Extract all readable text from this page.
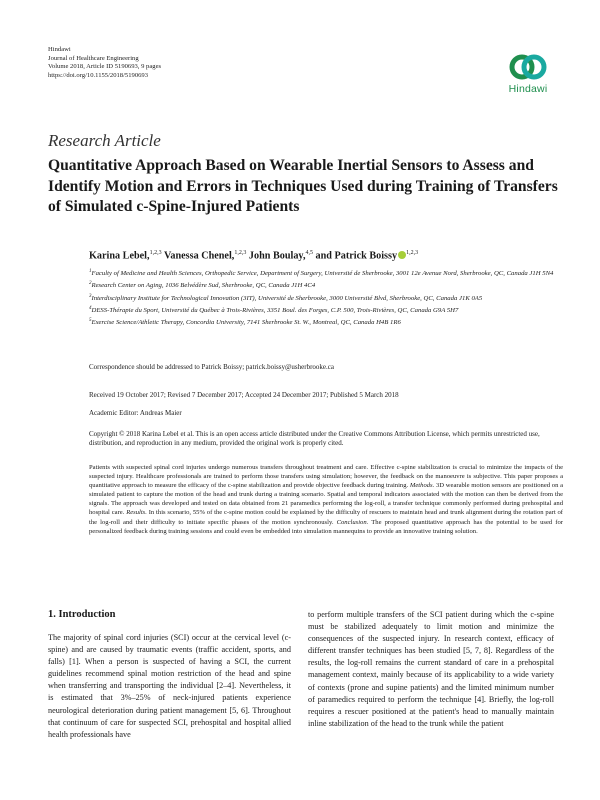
Hindawi
Journal of Healthcare Engineering
Volume 2018, Article ID 5190693, 9 pages
https://doi.org/10.1155/2018/5190693
Hindawi
Research Article
Quantitative Approach Based on Wearable Inertial Sensors to Assess and Identify Motion and Errors in Techniques Used during Training of Transfers of Simulated c-Spine-Injured Patients
Karina Lebel,$^{1,2,3}$ Vanessa Chenel,$^{1,2,3}$ John Boulay,$^{4,5}$ and Patrick Boissy $^{1,2,3}$
$^1$Faculty of Medicine and Health Sciences, Orthopedic Service, Department of Surgery, Université de Sherbrooke, 3001 12e Avenue Nord, Sherbrooke, QC, Canada J1H 5N4
$^2$Research Center on Aging, 1036 Belvédère Sud, Sherbrooke, QC, Canada J1H 4C4
$^3$Interdisciplinary Institute for Technological Innovation (3IT), Université de Sherbrooke, 3000 Université Blvd, Sherbrooke, QC, Canada J1K 0A5
$^4$DESS-Thérapie du Sport, Université du Québec à Trois-Rivières, 3351 Boul. des Forges, C.P. 500, Trois-Rivières, QC, Canada G9A 5H7
$^5$Exercise Science/Athletic Therapy, Concordia University, 7141 Sherbrooke St. W., Montreal, QC, Canada H4B 1R6
Correspondence should be addressed to Patrick Boissy; patrick.boissy@usherbrooke.ca
Received 19 October 2017; Revised 7 December 2017; Accepted 24 December 2017; Published 5 March 2018
Academic Editor: Andreas Maier
Copyright © 2018 Karina Lebel et al. This is an open access article distributed under the Creative Commons Attribution License, which permits unrestricted use, distribution, and reproduction in any medium, provided the original work is properly cited.
Patients with suspected spinal cord injuries undergo numerous transfers throughout treatment and care. Effective c-spine stabilization is crucial to minimize the impacts of the suspected injury. Healthcare professionals are trained to perform those transfers using simulation; however, the feedback on the manoeuvre is subjective. This paper proposes a quantitative approach to measure the efficacy of the c-spine stabilization and provide objective feedback during training. Methods. 3D wearable motion sensors are positioned on a simulated patient to capture the motion of the head and trunk during a training scenario. Spatial and temporal indicators associated with the motion can then be derived from the signals. The approach was developed and tested on data obtained from 21 paramedics performing the log-roll, a transfer technique commonly performed during prehospital and hospital care. Results. In this scenario, 55% of the c-spine motion could be explained by the difficulty of rescuers to maintain head and trunk alignment during the rotation part of the log-roll and their difficulty to initiate specific phases of the motion synchronously. Conclusion. The proposed quantitative approach has the potential to be used for personalized feedback during training sessions and could even be embedded into simulation mannequins to provide an innovative training solution.
1. Introduction
The majority of spinal cord injuries (SCI) occur at the cervical level (c-spine) and are caused by traumatic events (traffic accident, sports, and falls) [1]. When a person is suspected of having a SCI, the current guidelines recommend spinal motion restriction of the head and spine when transferring and transporting the individual [2–4]. Nevertheless, it is estimated that 3%–25% of neck-injured patients experience neurological deterioration during patient management [5, 6]. Throughout that continuum of care for suspected SCI, prehospital and hospital allied health professionals have
to perform multiple transfers of the SCI patient during which the c-spine must be stabilized adequately to limit motion and minimize the consequences of the suspected injury. In research context, efficacy of different transfer techniques has been studied [5, 7, 8]. Regardless of the results, the log-roll remains the current standard of care in a prehospital management context, mainly because of its applicability to a wide variety of contexts (prone and supine patients) and the limited minimum number of paramedics required to perform the technique [4]. Briefly, the log-roll requires a rescuer positioned at the patient's head to manually maintain inline stabilization of the head to the trunk while the patient
